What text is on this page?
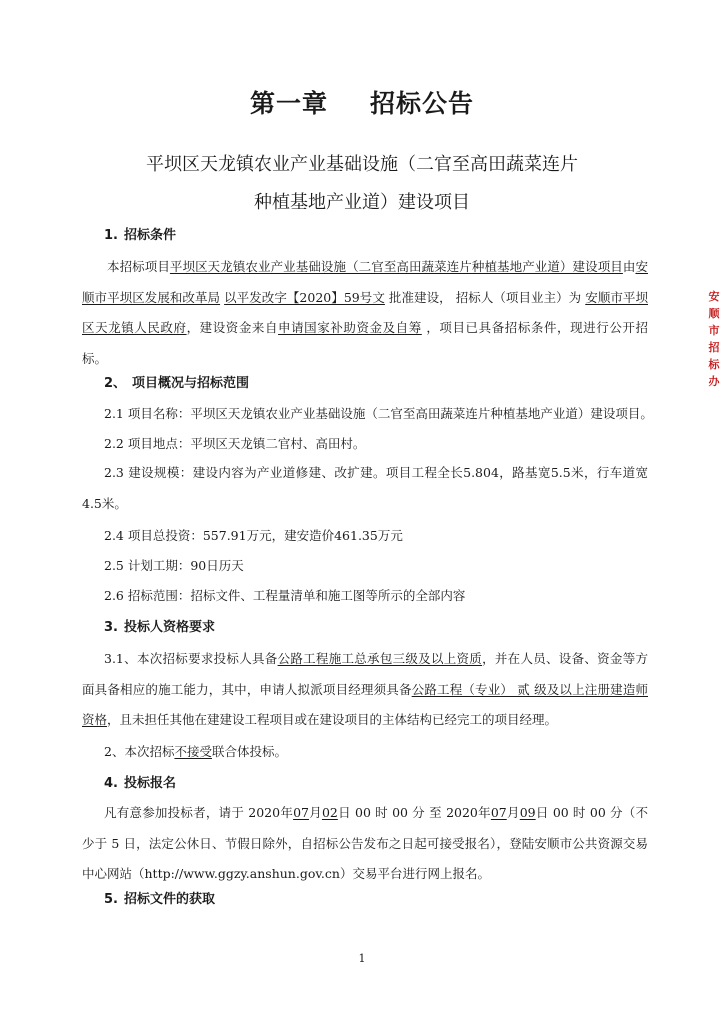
第一章 招标公告

平坝区天龙镇农业产业基础设施（二官至高田蔬菜连片

种植基地产业道）建设项目

1. 招标条件

本招标项目平坝区天龙镇农业产业基础设施（二官至高田蔬菜连片种植基地产业道）建设项目由安顺市平坝区发展和改革局 以平发改字【2020】59号文 批准建设， 招标人（项目业主）为 安顺市平坝区天龙镇人民政府，建设资金来自申请国家补助资金及自筹 ，项目已具备招标条件，现进行公开招标。

2、 项目概况与招标范围

2.1 项目名称：平坝区天龙镇农业产业基础设施（二官至高田蔬菜连片种植基地产业道）建设项目。

2.2 项目地点：平坝区天龙镇二官村、高田村。

2.3 建设规模：建设内容为产业道修建、改扩建。项目工程全长5.804，路基宽5.5米，行车道宽4.5米。

2.4 项目总投资：557.91万元，建安造价461.35万元

2.5 计划工期：90日历天

2.6 招标范围：招标文件、工程量清单和施工图等所示的全部内容

3. 投标人资格要求

3.1、本次招标要求投标人具备公路工程施工总承包三级及以上资质，并在人员、设备、资金等方面具备相应的施工能力，其中，申请人拟派项目经理须具备公路工程（专业） 贰 级及以上注册建造师资格，且未担任其他在建建设工程项目或在建设项目的主体结构已经完工的项目经理。

2、本次招标不接受联合体投标。

4. 投标报名

凡有意参加投标者，请于 2020年07月02日 00 时 00 分 至 2020年07月09日 00 时 00 分（不少于 5 日，法定公休日、节假日除外，自招标公告发布之日起可接受报名），登陆安顺市公共资源交易中心网站（http://www.ggzy.anshun.gov.cn）交易平台进行网上报名。

5. 招标文件的获取
安顺市招标办
1
